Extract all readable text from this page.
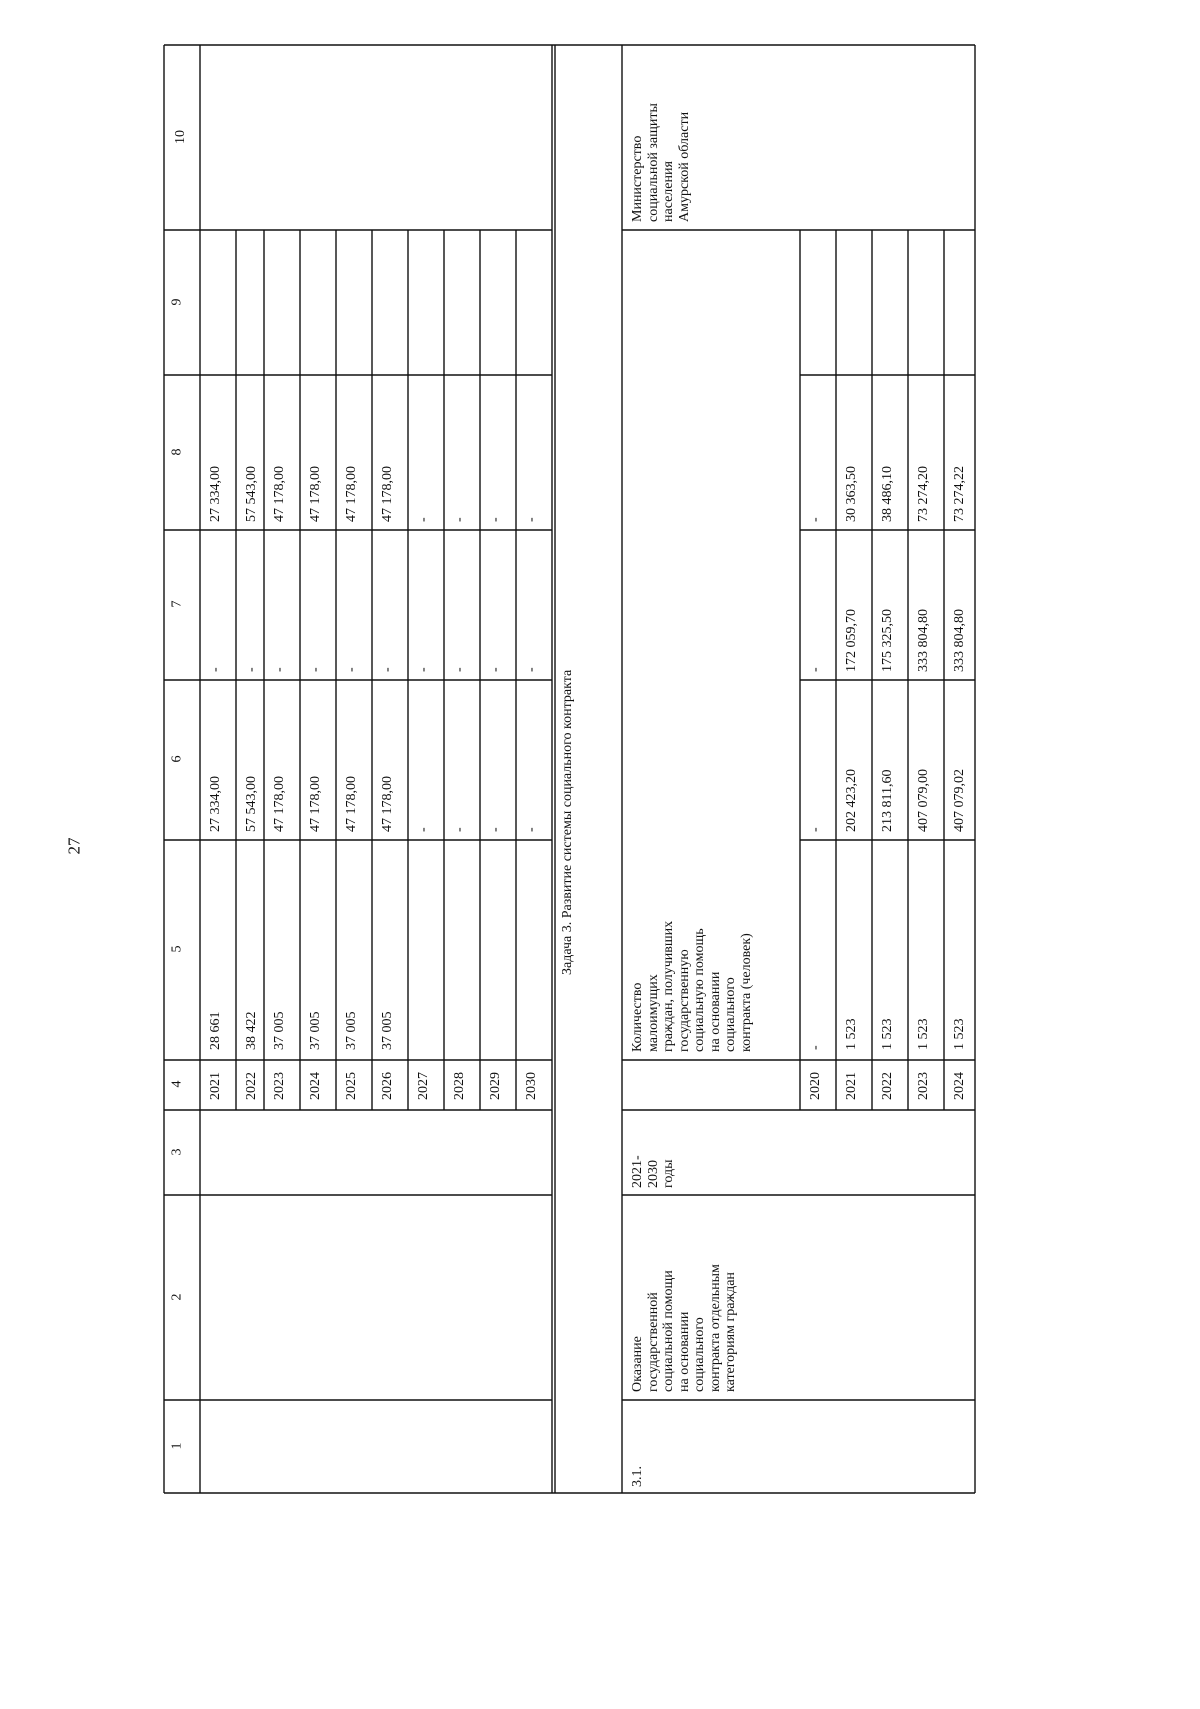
27
1
2
3
4
5
6
7
8
9
10
2021
28 661
27 334,00
-
27 334,00
2022
38 422
57 543,00
-
57 543,00
2023
37 005
47 178,00
-
47 178,00
2024
37 005
47 178,00
-
47 178,00
2025
37 005
47 178,00
-
47 178,00
2026
37 005
47 178,00
-
47 178,00
2027
-
-
-
2028
-
-
-
2029
-
-
-
2030
-
-
-
Задача 3. Развитие системы социального контракта
3.1.
Оказание государственной социальной помощи на основании социального контракта отдельным категориям граждан
2021- 2030 годы
Количество малоимущих граждан, получивших государственную социальную помощь на основании социального контракта (человек)
Министерство социальной защиты населения Амурской области
2020
-
-
-
-
2021
1 523
202 423,20
172 059,70
30 363,50
2022
1 523
213 811,60
175 325,50
38 486,10
2023
1 523
407 079,00
333 804,80
73 274,20
2024
1 523
407 079,02
333 804,80
73 274,22
